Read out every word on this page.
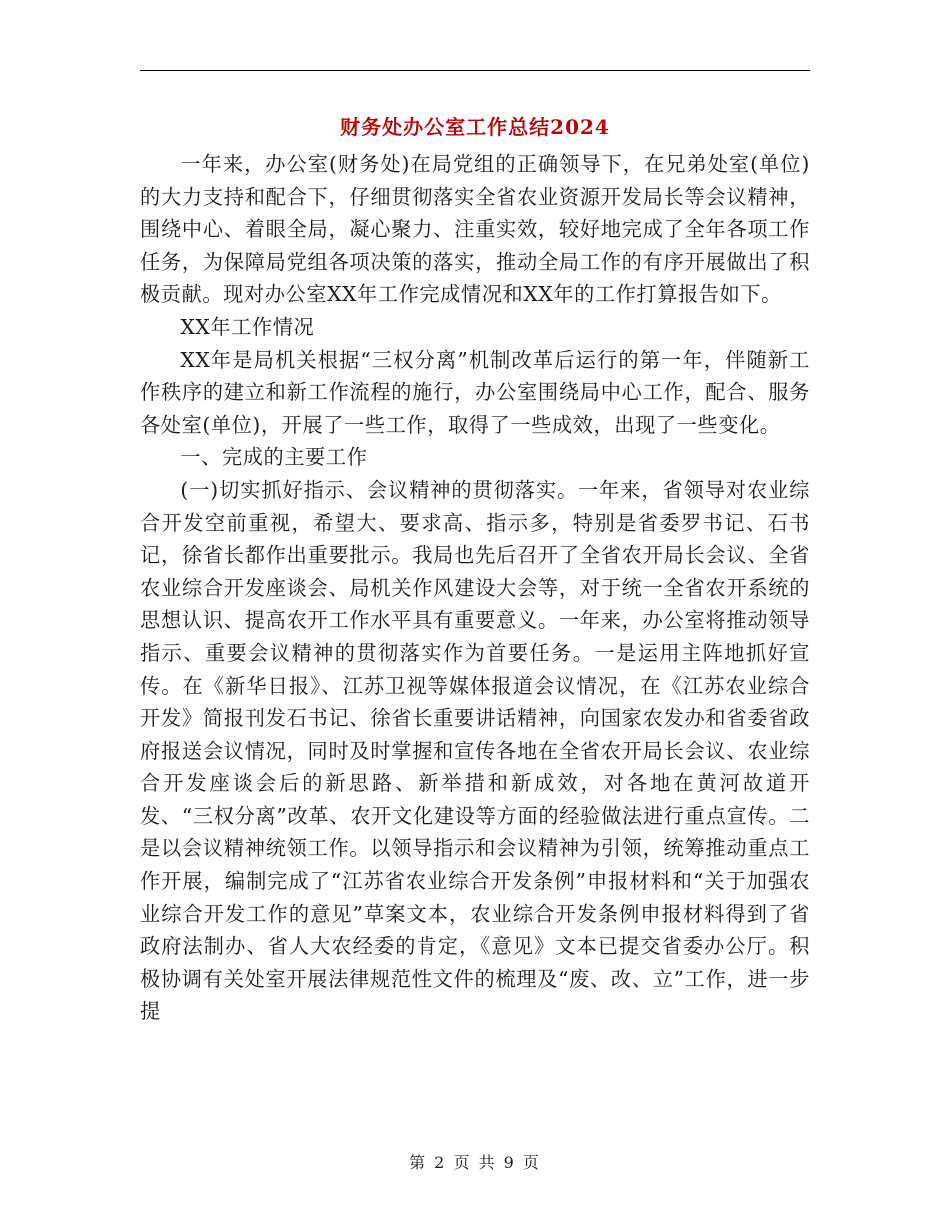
财务处办公室工作总结2024

一年来，办公室(财务处)在局党组的正确领导下，在兄弟处室(单位)的大力支持和配合下，仔细贯彻落实全省农业资源开发局长等会议精神，围绕中心、着眼全局，凝心聚力、注重实效，较好地完成了全年各项工作任务，为保障局党组各项决策的落实，推动全局工作的有序开展做出了积极贡献。现对办公室XX年工作完成情况和XX年的工作打算报告如下。

XX年工作情况

XX年是局机关根据“三权分离”机制改革后运行的第一年，伴随新工作秩序的建立和新工作流程的施行，办公室围绕局中心工作，配合、服务各处室(单位)，开展了一些工作，取得了一些成效，出现了一些变化。

一、完成的主要工作

(一)切实抓好指示、会议精神的贯彻落实。一年来，省领导对农业综合开发空前重视，希望大、要求高、指示多，特别是省委罗书记、石书记，徐省长都作出重要批示。我局也先后召开了全省农开局长会议、全省农业综合开发座谈会、局机关作风建设大会等，对于统一全省农开系统的思想认识、提高农开工作水平具有重要意义。一年来，办公室将推动领导指示、重要会议精神的贯彻落实作为首要任务。一是运用主阵地抓好宣传。在《新华日报》、江苏卫视等媒体报道会议情况，在《江苏农业综合开发》简报刊发石书记、徐省长重要讲话精神，向国家农发办和省委省政府报送会议情况，同时及时掌握和宣传各地在全省农开局长会议、农业综合开发座谈会后的新思路、新举措和新成效，对各地在黄河故道开发、“三权分离”改革、农开文化建设等方面的经验做法进行重点宣传。二是以会议精神统领工作。以领导指示和会议精神为引领，统筹推动重点工作开展，编制完成了“江苏省农业综合开发条例”申报材料和“关于加强农业综合开发工作的意见”草案文本，农业综合开发条例申报材料得到了省政府法制办、省人大农经委的肯定，《意见》文本已提交省委办公厅。积极协调有关处室开展法律规范性文件的梳理及“废、改、立”工作，进一步提

第 2 页 共 9 页
